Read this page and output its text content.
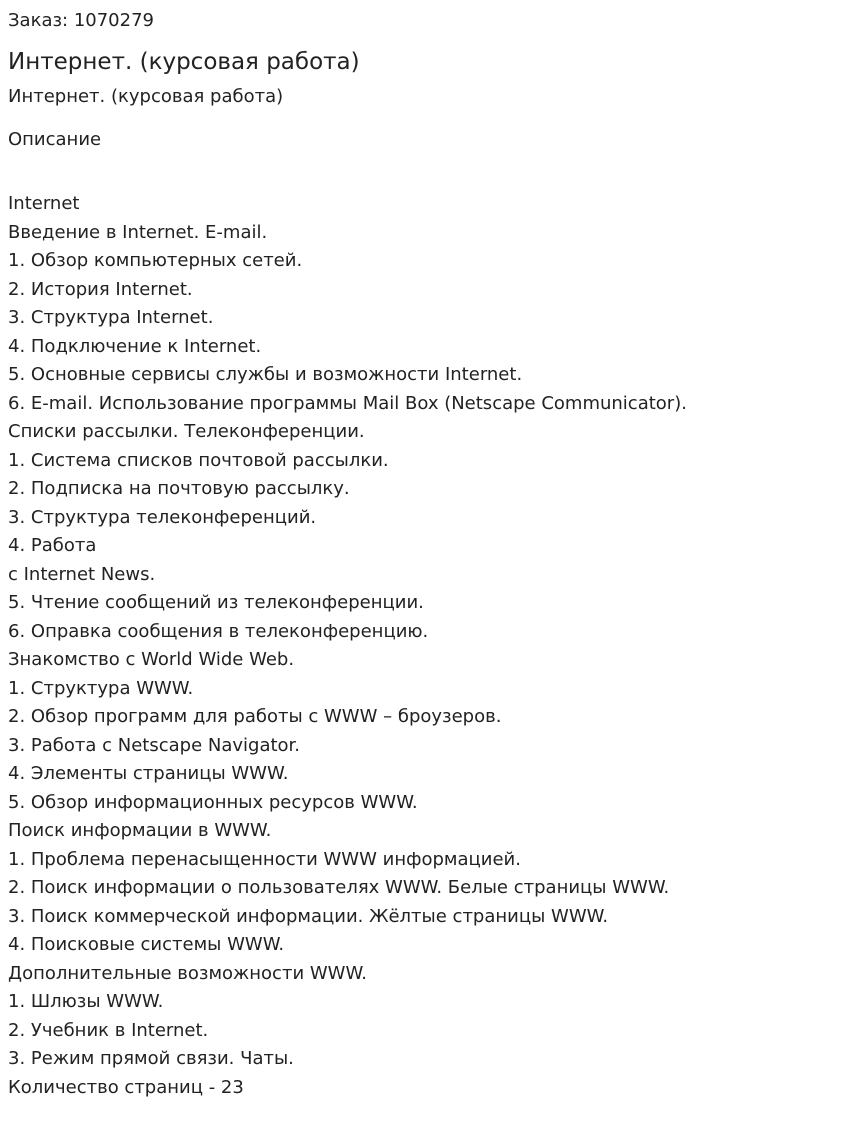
Заказ: 1070279

Интернет. (курсовая работа)

Интернет. (курсовая работа)

Описание

Internet
Введение в Internet. E-mail.
1. Обзор компьютерных сетей.
2. История Internet.
3. Структура Internet.
4. Подключение к Internet.
5. Основные сервисы службы и возможности Internet.
6. E-mail. Использование программы Mail Box (Netscape Communicator).
Списки рассылки. Телеконференции.
1. Система списков почтовой рассылки.
2. Подписка на почтовую рассылку.
3. Структура телеконференций.
4. Работа
с Internet News.
5. Чтение сообщений из телеконференции.
6. Оправка сообщения в телеконференцию.
Знакомство с World Wide Web.
1. Структура WWW.
2. Обзор программ для работы с WWW – броузеров.
3. Работа с Netscape Navigator.
4. Элементы страницы WWW.
5. Обзор информационных ресурсов WWW.
Поиск информации в WWW.
1. Проблема перенасыщенности WWW информацией.
2. Поиск информации о пользователях WWW. Белые страницы WWW.
3. Поиск коммерческой информации. Жёлтые страницы WWW.
4. Поисковые системы WWW.
Дополнительные возможности WWW.
1. Шлюзы WWW.
2. Учебник в Internet.
3. Режим прямой связи. Чаты.
Количество страниц - 23
